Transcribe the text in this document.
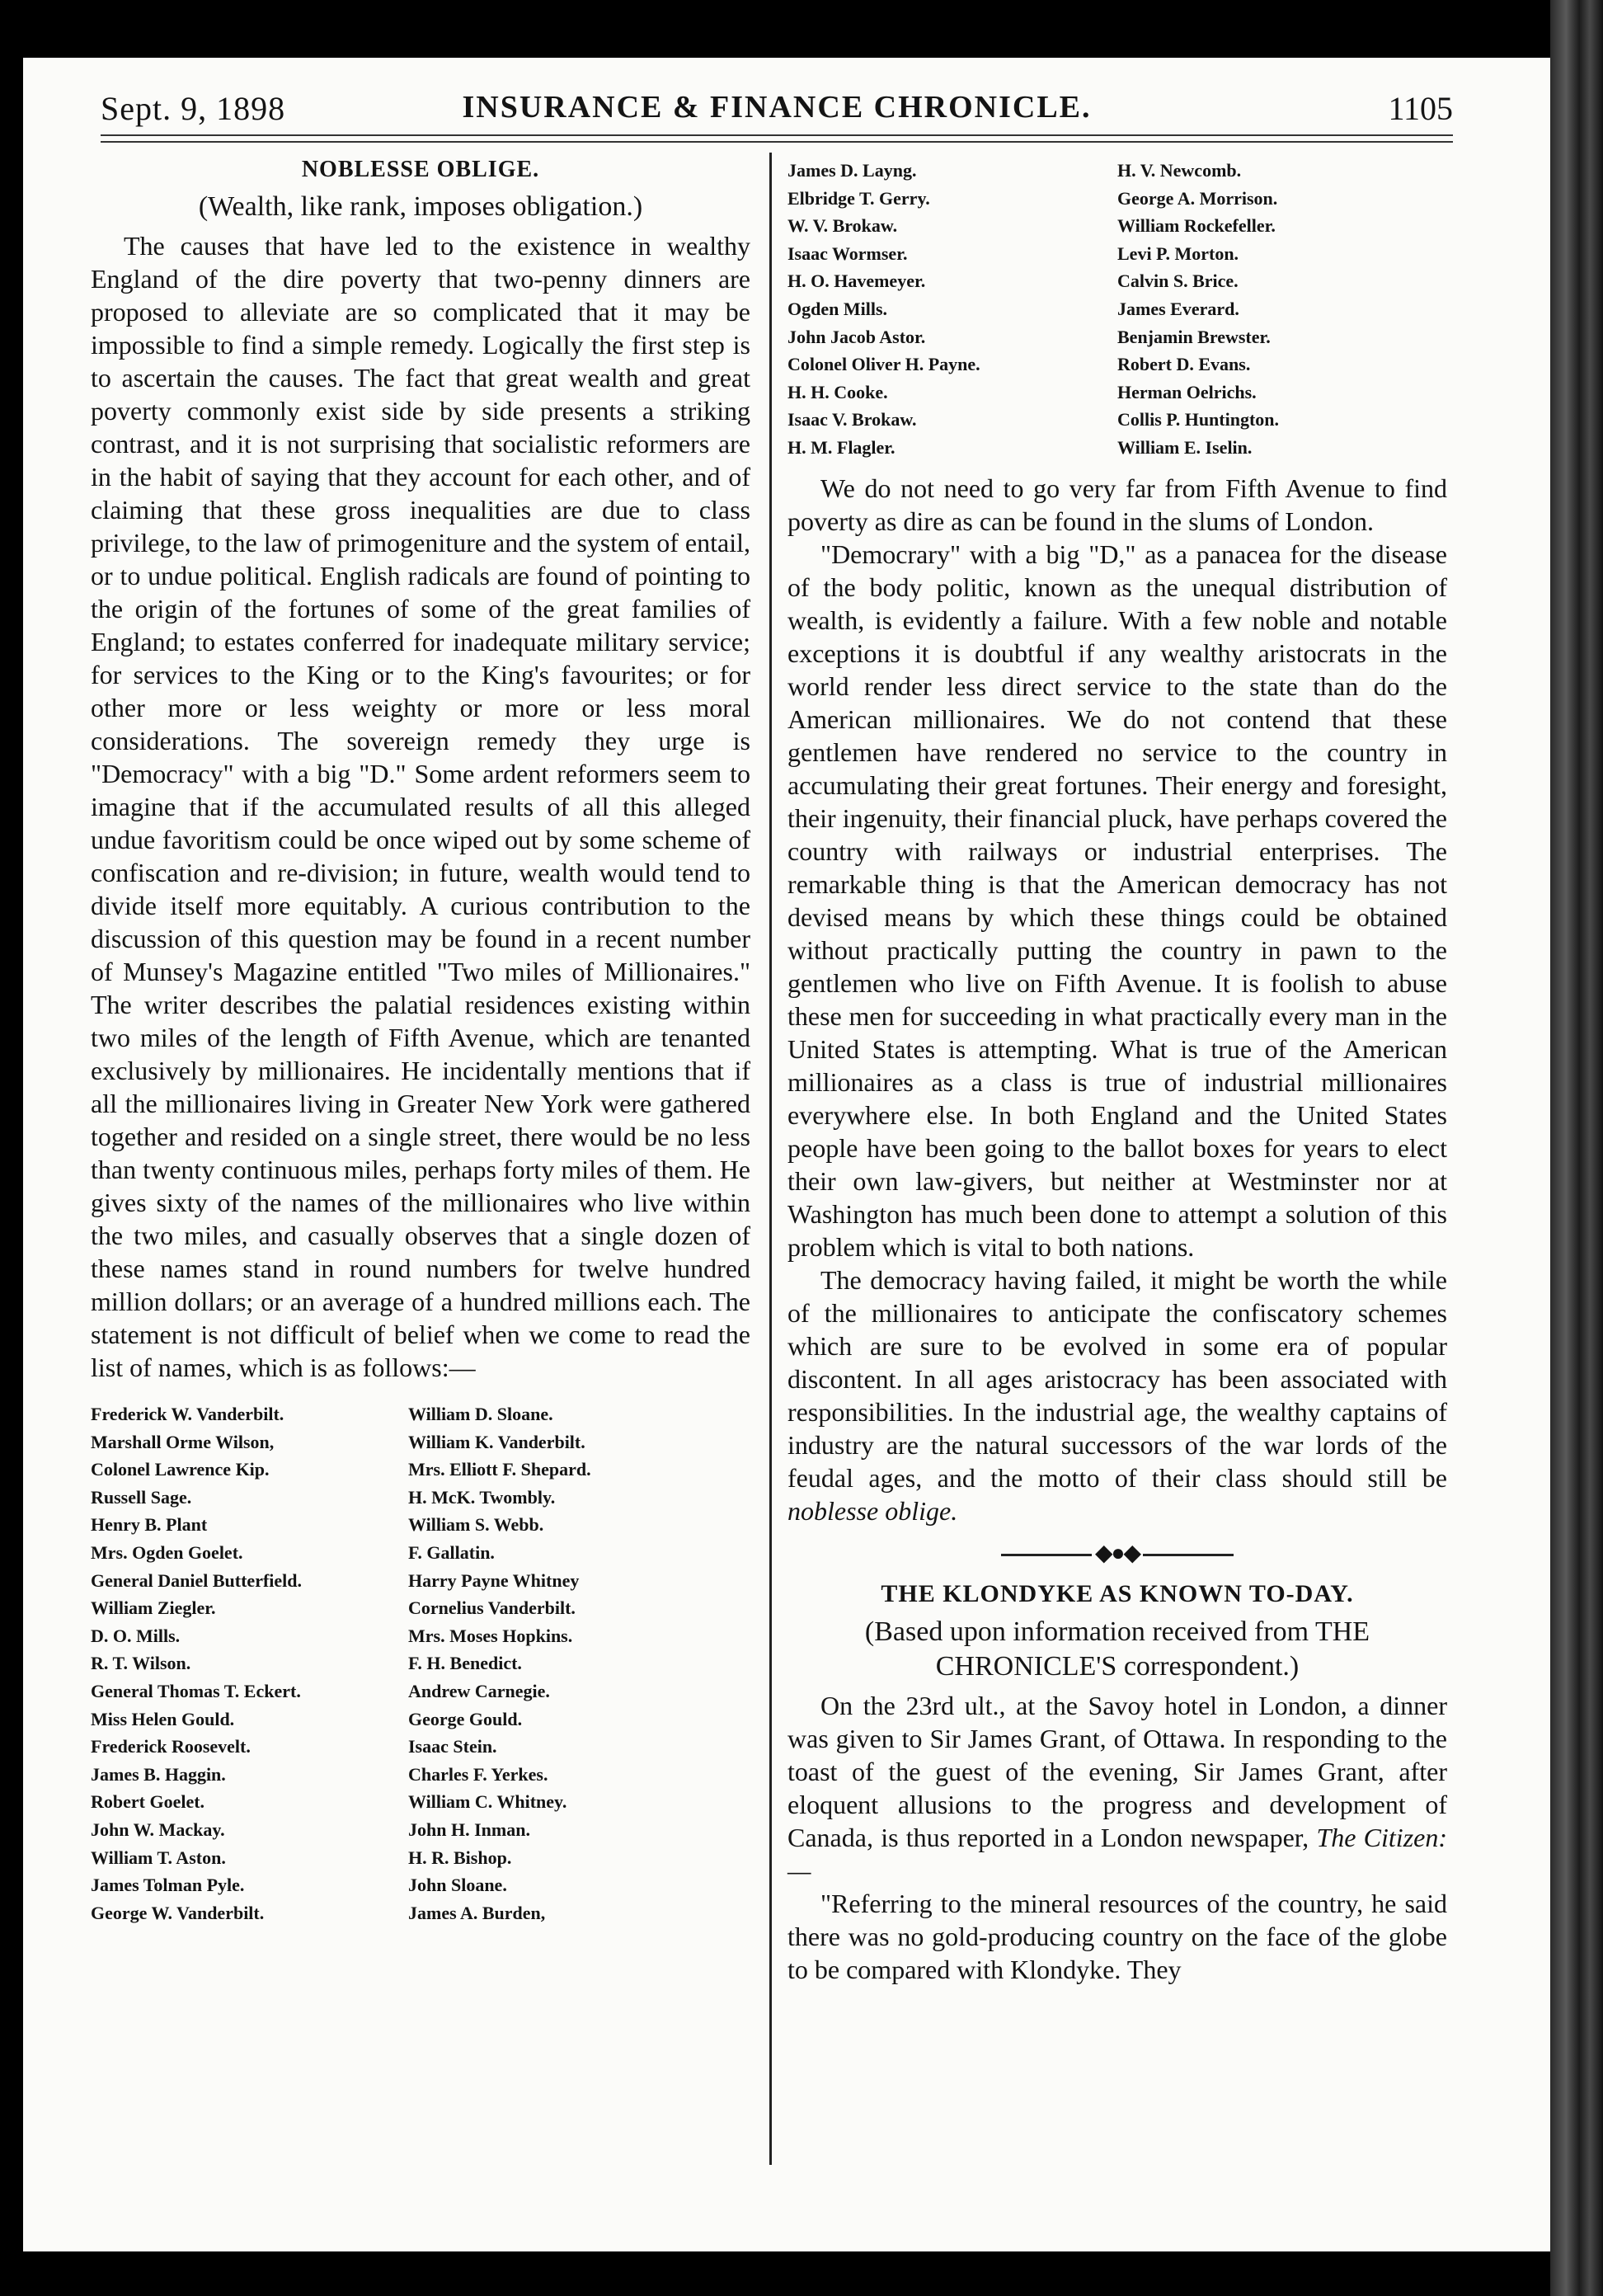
Sept. 9, 1898	INSURANCE & FINANCE CHRONICLE.	1105
NOBLESSE OBLIGE.

(Wealth, like rank, imposes obligation.)

The causes that have led to the existence in wealthy England of the dire poverty that two-penny dinners are proposed to alleviate are so complicated that it may be impossible to find a simple remedy. Logically the first step is to ascertain the causes. The fact that great wealth and great poverty commonly exist side by side presents a striking contrast, and it is not surprising that socialistic reformers are in the habit of saying that they account for each other, and of claiming that these gross inequalities are due to class privilege, to the law of primogeniture and the system of entail, or to undue political. English radicals are found of pointing to the origin of the fortunes of some of the great families of England; to estates conferred for inadequate military service; for services to the King or to the King's favourites; or for other more or less weighty or more or less moral considerations. The sovereign remedy they urge is "Democracy" with a big "D." Some ardent reformers seem to imagine that if the accumulated results of all this alleged undue favoritism could be once wiped out by some scheme of confiscation and re-division; in future, wealth would tend to divide itself more equitably. A curious contribution to the discussion of this question may be found in a recent number of Munsey's Magazine entitled "Two miles of Millionaires." The writer describes the palatial residences existing within two miles of the length of Fifth Avenue, which are tenanted exclusively by millionaires. He incidentally mentions that if all the millionaires living in Greater New York were gathered together and resided on a single street, there would be no less than twenty continuous miles, perhaps forty miles of them. He gives sixty of the names of the millionaires who live within the two miles, and casually observes that a single dozen of these names stand in round numbers for twelve hundred million dollars; or an average of a hundred millions each. The statement is not difficult of belief when we come to read the list of names, which is as follows:—

Frederick W. Vanderbilt.
Marshall Orme Wilson,
Colonel Lawrence Kip.
Russell Sage.
Henry B. Plant
Mrs. Ogden Goelet.
General Daniel Butterfield.
William Ziegler.
D. O. Mills.
R. T. Wilson.
General Thomas T. Eckert.
Miss Helen Gould.
Frederick Roosevelt.
James B. Haggin.
Robert Goelet.
John W. Mackay.
William T. Aston.
James Tolman Pyle.
George W. Vanderbilt.
William D. Sloane.
William K. Vanderbilt.
Mrs. Elliott F. Shepard.
H. McK. Twombly.
William S. Webb.
F. Gallatin.
Harry Payne Whitney
Cornelius Vanderbilt.
Mrs. Moses Hopkins.
F. H. Benedict.
Andrew Carnegie.
George Gould.
Isaac Stein.
Charles F. Yerkes.
William C. Whitney.
John H. Inman.
H. R. Bishop.
John Sloane.
James A. Burden,
James D. Layng.
Elbridge T. Gerry.
W. V. Brokaw.
Isaac Wormser.
H. O. Havemeyer.
Ogden Mills.
John Jacob Astor.
Colonel Oliver H. Payne.
H. H. Cooke.
Isaac V. Brokaw.
H. M. Flagler.
H. V. Newcomb.
George A. Morrison.
William Rockefeller.
Levi P. Morton.
Calvin S. Brice.
James Everard.
Benjamin Brewster.
Robert D. Evans.
Herman Oelrichs.
Collis P. Huntington.
William E. Iselin.

We do not need to go very far from Fifth Avenue to find poverty as dire as can be found in the slums of London.

"Democrary" with a big "D," as a panacea for the disease of the body politic, known as the unequal distribution of wealth, is evidently a failure. With a few noble and notable exceptions it is doubtful if any wealthy aristocrats in the world render less direct service to the state than do the American millionaires. We do not contend that these gentlemen have rendered no service to the country in accumulating their great fortunes. Their energy and foresight, their ingenuity, their financial pluck, have perhaps covered the country with railways or industrial enterprises. The remarkable thing is that the American democracy has not devised means by which these things could be obtained without practically putting the country in pawn to the gentlemen who live on Fifth Avenue. It is foolish to abuse these men for succeeding in what practically every man in the United States is attempting. What is true of the American millionaires as a class is true of industrial millionaires everywhere else. In both England and the United States people have been going to the ballot boxes for years to elect their own law-givers, but neither at Westminster nor at Washington has much been done to attempt a solution of this problem which is vital to both nations.

The democracy having failed, it might be worth the while of the millionaires to anticipate the confiscatory schemes which are sure to be evolved in some era of popular discontent. In all ages aristocracy has been associated with responsibilities. In the industrial age, the wealthy captains of industry are the natural successors of the war lords of the feudal ages, and the motto of their class should still be noblesse oblige.

◆●◆
THE KLONDYKE AS KNOWN TO-DAY.

(Based upon information received from THE CHRONICLE'S correspondent.)

On the 23rd ult., at the Savoy hotel in London, a dinner was given to Sir James Grant, of Ottawa. In responding to the toast of the guest of the evening, Sir James Grant, after eloquent allusions to the progress and development of Canada, is thus reported in a London newspaper, The Citizen:—

"Referring to the mineral resources of the country, he said there was no gold-producing country on the face of the globe to be compared with Klondyke. They
